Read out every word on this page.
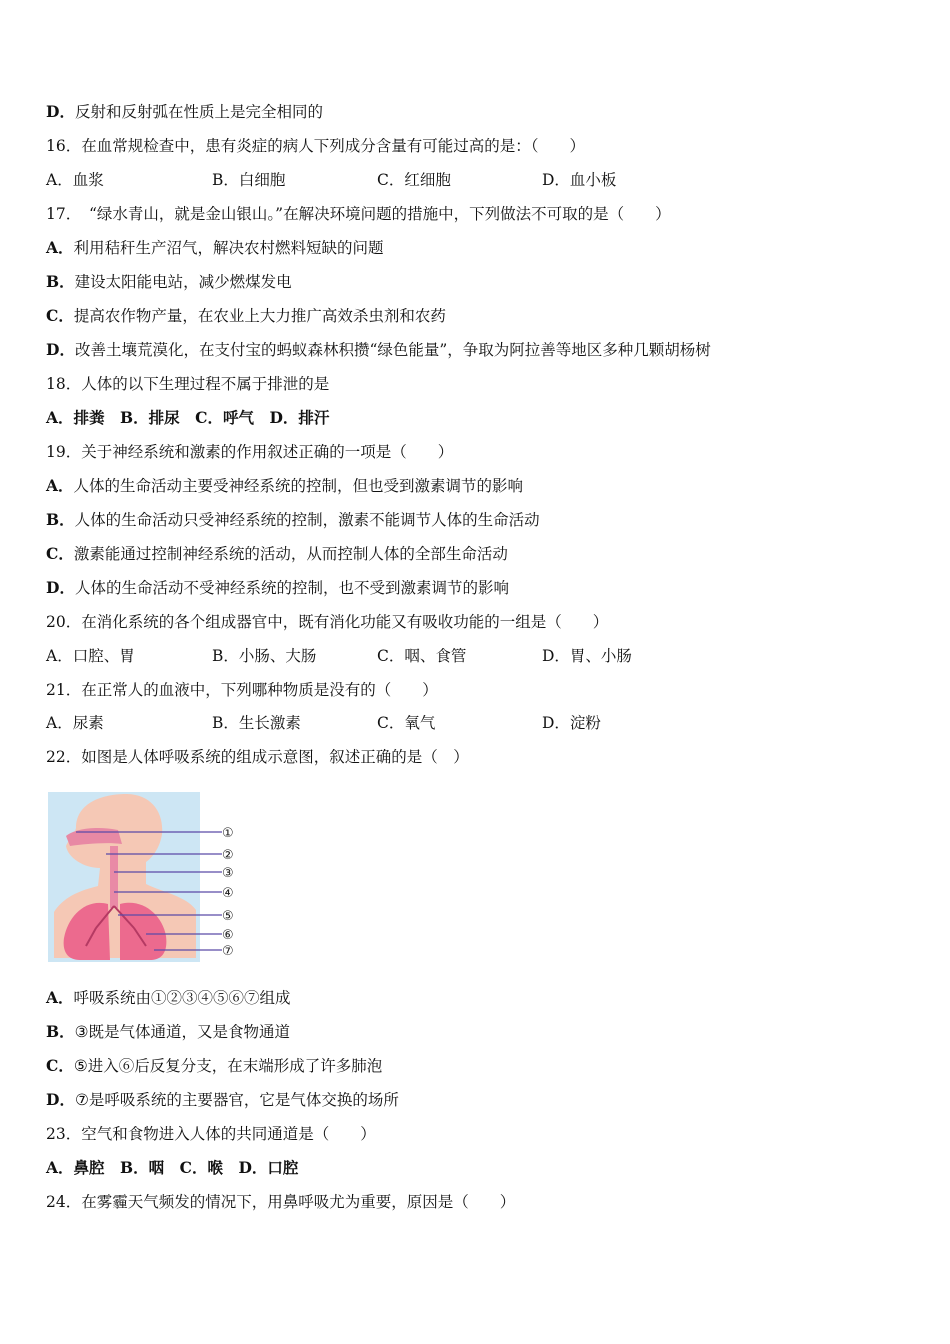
D．反射和反射弧在性质上是完全相同的
16．在血常规检查中，患有炎症的病人下列成分含量有可能过高的是：（　　）
A．血浆	B．白细胞	C．红细胞	D．血小板
17．　“绿水青山，就是金山银山。”在解决环境问题的措施中，下列做法不可取的是（　　）
A．利用秸秆生产沼气，解决农村燃料短缺的问题
B．建设太阳能电站，减少燃煤发电
C．提高农作物产量，在农业上大力推广高效杀虫剂和农药
D．改善土壤荒漠化，在支付宝的蚂蚁森林积攒“绿色能量”，争取为阿拉善等地区多种几颗胡杨树
18．人体的以下生理过程不属于排泄的是
A．排粪　B．排尿　C．呼气　D．排汗
19．关于神经系统和激素的作用叙述正确的一项是（　　）
A．人体的生命活动主要受神经系统的控制，但也受到激素调节的影响
B．人体的生命活动只受神经系统的控制，激素不能调节人体的生命活动
C．激素能通过控制神经系统的活动，从而控制人体的全部生命活动
D．人体的生命活动不受神经系统的控制，也不受到激素调节的影响
20．在消化系统的各个组成器官中，既有消化功能又有吸收功能的一组是（　　）
A．口腔、胃	B．小肠、大肠	C．咽、食管	D．胃、小肠
21．在正常人的血液中，下列哪种物质是没有的（　　）
A．尿素	B．生长激素	C．氧气	D．淀粉
22．如图是人体呼吸系统的组成示意图，叙述正确的是（　）
①
②
③
④
⑤
⑥
⑦
A．呼吸系统由①②③④⑤⑥⑦组成
B．③既是气体通道，又是食物通道
C．⑤进入⑥后反复分支，在末端形成了许多肺泡
D．⑦是呼吸系统的主要器官，它是气体交换的场所
23．空气和食物进入人体的共同通道是（　　）
A．鼻腔　B．咽　C．喉　D．口腔
24．在雾霾天气频发的情况下，用鼻呼吸尤为重要，原因是（　　）
